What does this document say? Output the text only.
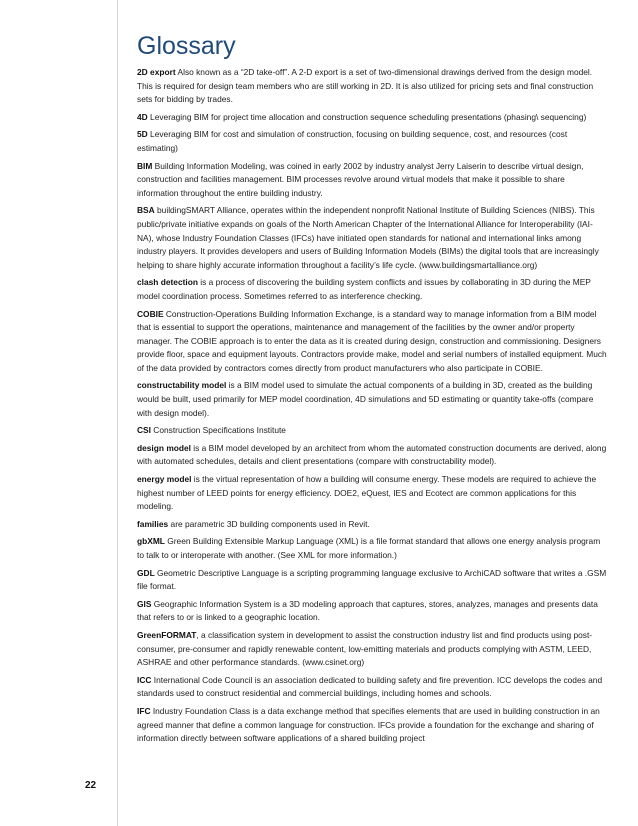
Glossary

2D export Also known as a “2D take-off”. A 2-D export is a set of two-dimensional drawings derived from the design model. This is required for design team members who are still working in 2D. It is also utilized for pricing sets and final construction sets for bidding by trades.

4D Leveraging BIM for project time allocation and construction sequence scheduling presentations (phasing\ sequencing)

5D Leveraging BIM for cost and simulation of construction, focusing on building sequence, cost, and resources (cost estimating)

BIM Building Information Modeling, was coined in early 2002 by industry analyst Jerry Laiserin to describe virtual design, construction and facilities management. BIM processes revolve around virtual models that make it possible to share information throughout the entire building industry.

BSA buildingSMART Alliance, operates within the independent nonprofit National Institute of Building Sciences (NIBS). This public/private initiative expands on goals of the North American Chapter of the International Alliance for Interoperability (IAI-NA), whose Industry Foundation Classes (IFCs) have initiated open standards for national and international links among industry players. It provides developers and users of Building Information Models (BIMs) the digital tools that are increasingly helping to share highly accurate information throughout a facility’s life cycle. (www.buildingsmartalliance.org)

clash detection is a process of discovering the building system conflicts and issues by collaborating in 3D during the MEP model coordination process. Sometimes referred to as interference checking.

COBIE Construction-Operations Building Information Exchange, is a standard way to manage information from a BIM model that is essential to support the operations, maintenance and management of the facilities by the owner and/or property manager. The COBIE approach is to enter the data as it is created during design, construction and commissioning. Designers provide floor, space and equipment layouts. Contractors provide make, model and serial numbers of installed equipment. Much of the data provided by contractors comes directly from product manufacturers who also participate in COBIE.

constructability model is a BIM model used to simulate the actual components of a building in 3D, created as the building would be built, used primarily for MEP model coordination, 4D simulations and 5D estimating or quantity take-offs (compare with design model).

CSI Construction Specifications Institute

design model is a BIM model developed by an architect from whom the automated construction documents are derived, along with automated schedules, details and client presentations (compare with constructability model).

energy model is the virtual representation of how a building will consume energy. These models are required to achieve the highest number of LEED points for energy efficiency. DOE2, eQuest, IES and Ecotect are common applications for this modeling.

families are parametric 3D building components used in Revit.

gbXML Green Building Extensible Markup Language (XML) is a file format standard that allows one energy analysis program to talk to or interoperate with another. (See XML for more information.)

GDL Geometric Descriptive Language is a scripting programming language exclusive to ArchiCAD software that writes a .GSM file format.

GIS Geographic Information System is a 3D modeling approach that captures, stores, analyzes, manages and presents data that refers to or is linked to a geographic location.

GreenFORMAT, a classification system in development to assist the construction industry list and find products using post-consumer, pre-consumer and rapidly renewable content, low-emitting materials and products complying with ASTM, LEED, ASHRAE and other performance standards. (www.csinet.org)

ICC International Code Council is an association dedicated to building safety and fire prevention. ICC develops the codes and standards used to construct residential and commercial buildings, including homes and schools.

IFC Industry Foundation Class is a data exchange method that specifies elements that are used in building construction in an agreed manner that define a common language for construction. IFCs provide a foundation for the exchange and sharing of information directly between software applications of a shared building project

22
